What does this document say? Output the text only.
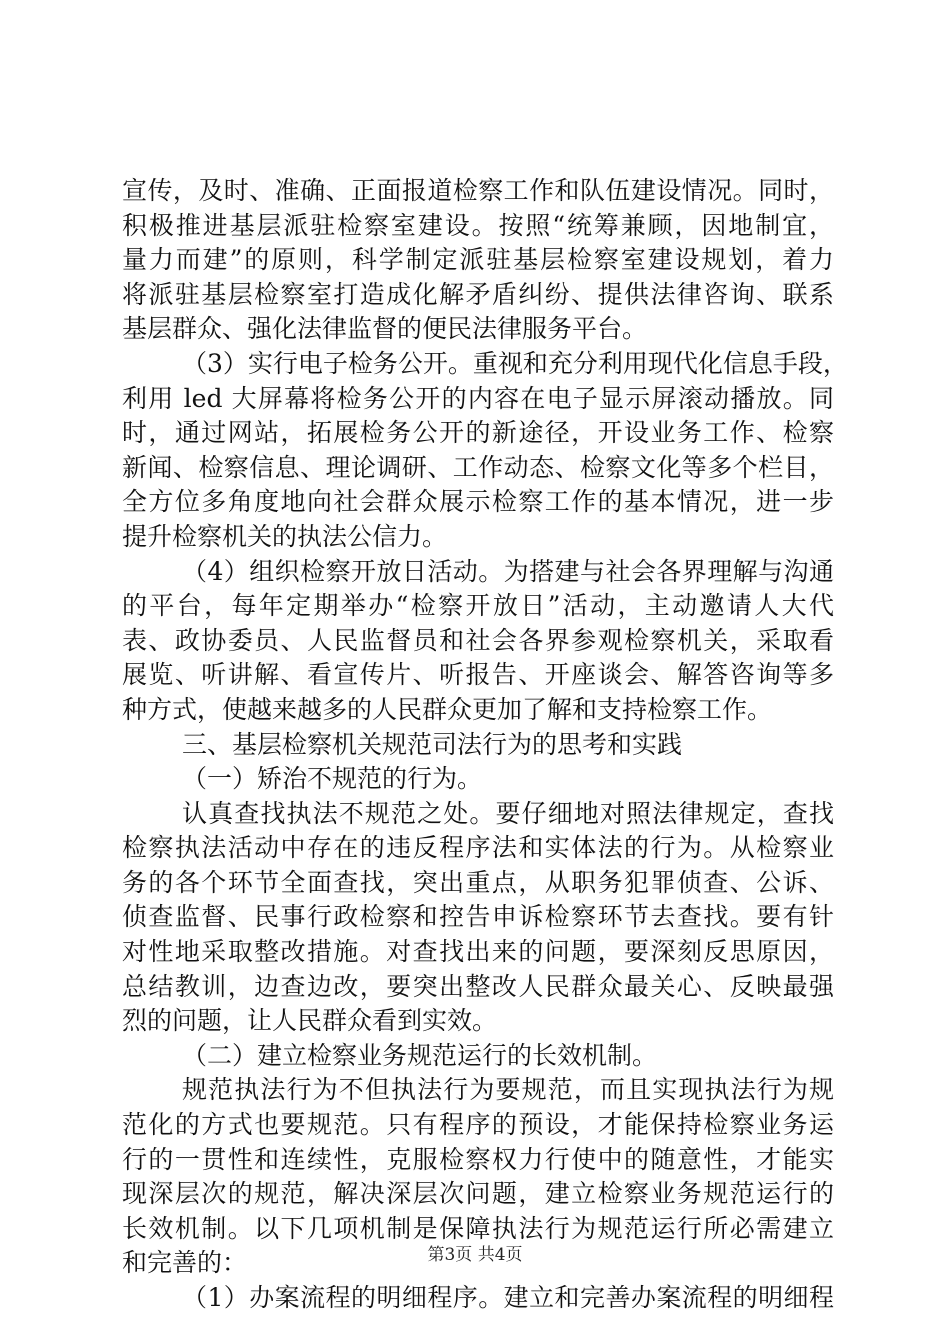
宣传，及时、准确、正面报道检察工作和队伍建设情况。同时，
积极推进基层派驻检察室建设。按照“统筹兼顾，因地制宜，
量力而建”的原则，科学制定派驻基层检察室建设规划，着力
将派驻基层检察室打造成化解矛盾纠纷、提供法律咨询、联系
基层群众、强化法律监督的便民法律服务平台。
（3）实行电子检务公开。重视和充分利用现代化信息手段，
利用 led 大屏幕将检务公开的内容在电子显示屏滚动播放。同
时，通过网站，拓展检务公开的新途径，开设业务工作、检察
新闻、检察信息、理论调研、工作动态、检察文化等多个栏目，
全方位多角度地向社会群众展示检察工作的基本情况，进一步
提升检察机关的执法公信力。
（4）组织检察开放日活动。为搭建与社会各界理解与沟通
的平台，每年定期举办“检察开放日”活动，主动邀请人大代
表、政协委员、人民监督员和社会各界参观检察机关，采取看
展览、听讲解、看宣传片、听报告、开座谈会、解答咨询等多
种方式，使越来越多的人民群众更加了解和支持检察工作。
三、基层检察机关规范司法行为的思考和实践
（一）矫治不规范的行为。
认真查找执法不规范之处。要仔细地对照法律规定，查找
检察执法活动中存在的违反程序法和实体法的行为。从检察业
务的各个环节全面查找，突出重点，从职务犯罪侦查、公诉、
侦查监督、民事行政检察和控告申诉检察环节去查找。要有针
对性地采取整改措施。对查找出来的问题，要深刻反思原因，
总结教训，边查边改，要突出整改人民群众最关心、反映最强
烈的问题，让人民群众看到实效。
（二）建立检察业务规范运行的长效机制。
规范执法行为不但执法行为要规范，而且实现执法行为规
范化的方式也要规范。只有程序的预设，才能保持检察业务运
行的一贯性和连续性，克服检察权力行使中的随意性，才能实
现深层次的规范，解决深层次问题，建立检察业务规范运行的
长效机制。以下几项机制是保障执法行为规范运行所必需建立
和完善的：
（1）办案流程的明细程序。建立和完善办案流程的明细程
第3页 共4页
